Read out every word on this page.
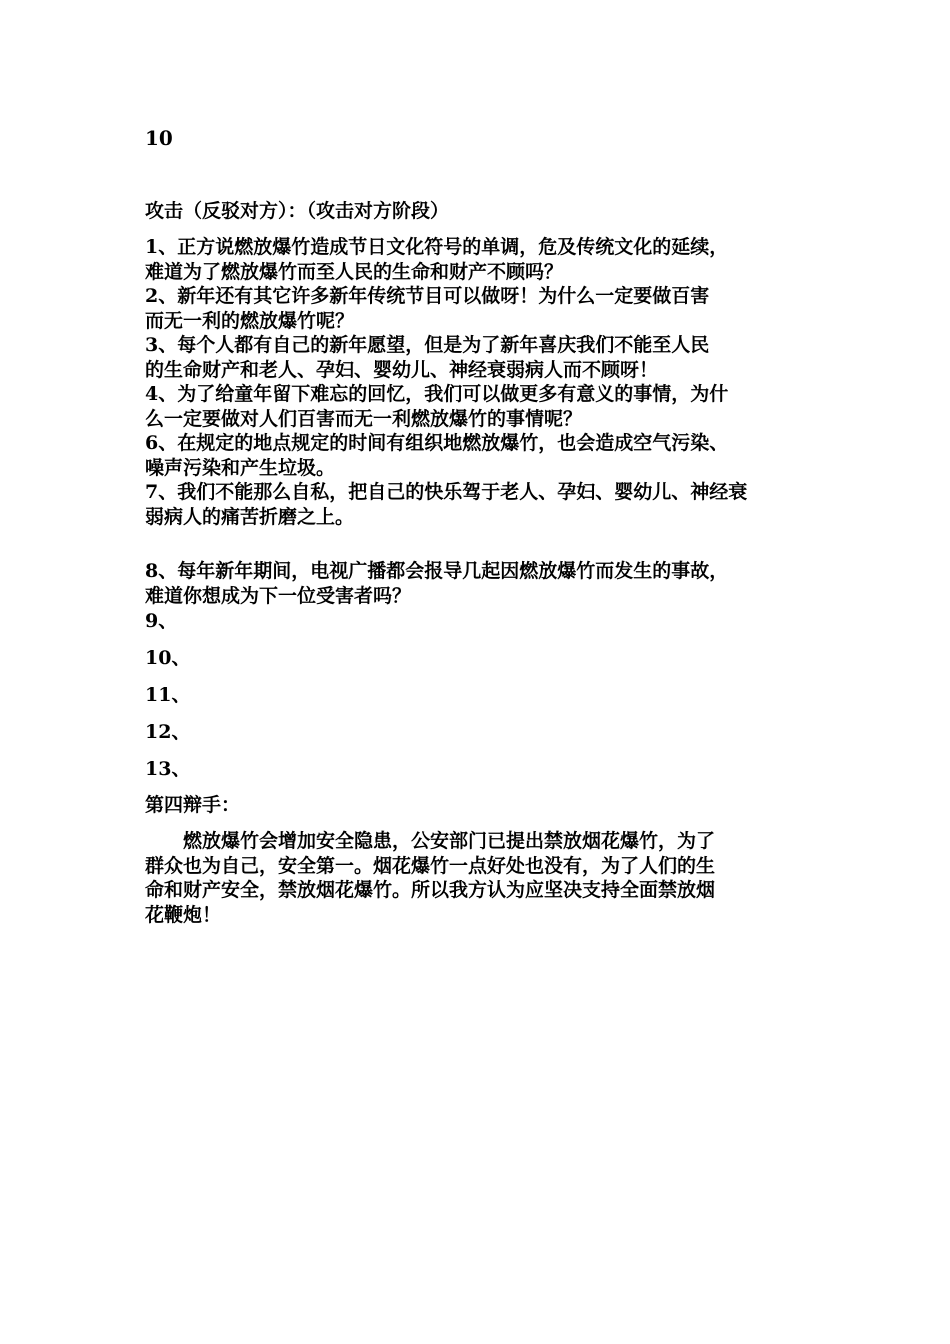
10
攻击（反驳对方）：（攻击对方阶段）

1、正方说燃放爆竹造成节日文化符号的单调，危及传统文化的延续，
难道为了燃放爆竹而至人民的生命和财产不顾吗？
2、新年还有其它许多新年传统节目可以做呀！为什么一定要做百害
而无一利的燃放爆竹呢？
3、每个人都有自己的新年愿望，但是为了新年喜庆我们不能至人民
的生命财产和老人、孕妇、婴幼儿、神经衰弱病人而不顾呀！
4、为了给童年留下难忘的回忆，我们可以做更多有意义的事情，为什
么一定要做对人们百害而无一利燃放爆竹的事情呢？
6、在规定的地点规定的时间有组织地燃放爆竹，也会造成空气污染、
噪声污染和产生垃圾。
7、我们不能那么自私，把自己的快乐驾于老人、孕妇、婴幼儿、神经衰
弱病人的痛苦折磨之上。

8、每年新年期间，电视广播都会报导几起因燃放爆竹而发生的事故，
难道你想成为下一位受害者吗？

9、
10、
11、
12、
13、
第四辩手：

燃放爆竹会增加安全隐患，公安部门已提出禁放烟花爆竹，为了

群众也为自己，安全第一。烟花爆竹一点好处也没有，为了人们的生
命和财产安全，禁放烟花爆竹。所以我方认为应坚决支持全面禁放烟
花鞭炮！
